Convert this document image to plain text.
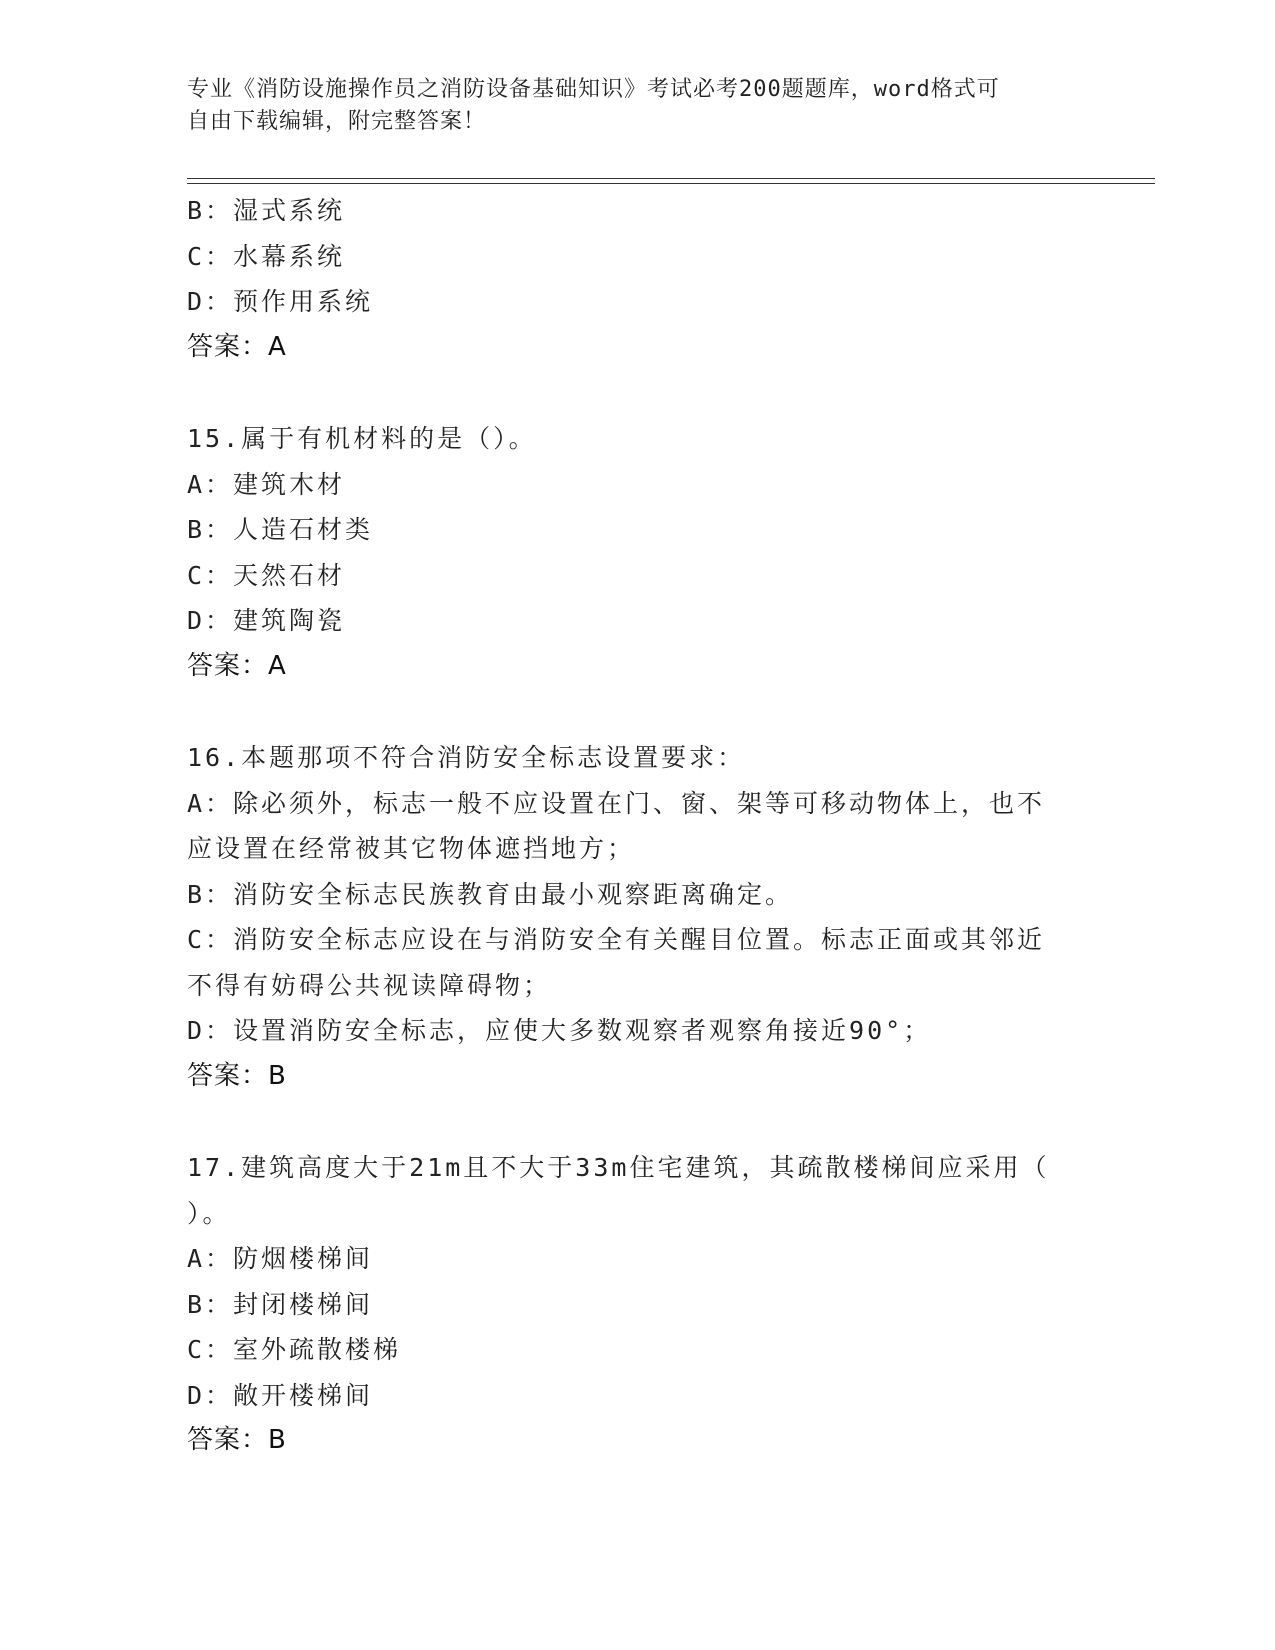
专业《消防设施操作员之消防设备基础知识》考试必考200题题库，word格式可
自由下载编辑，附完整答案！
B：湿式系统
C：水幕系统
D：预作用系统
答案：A
15.属于有机材料的是（）。
A：建筑木材
B：人造石材类
C：天然石材
D：建筑陶瓷
答案：A
16.本题那项不符合消防安全标志设置要求：
A：除必须外，标志一般不应设置在门、窗、架等可移动物体上，也不
应设置在经常被其它物体遮挡地方；
B：消防安全标志民族教育由最小观察距离确定。
C：消防安全标志应设在与消防安全有关醒目位置。标志正面或其邻近
不得有妨碍公共视读障碍物；
D：设置消防安全标志，应使大多数观察者观察角接近90°；
答案：B
17.建筑高度大于21m且不大于33m住宅建筑，其疏散楼梯间应采用（
）。
A：防烟楼梯间
B：封闭楼梯间
C：室外疏散楼梯
D：敞开楼梯间
答案：B
